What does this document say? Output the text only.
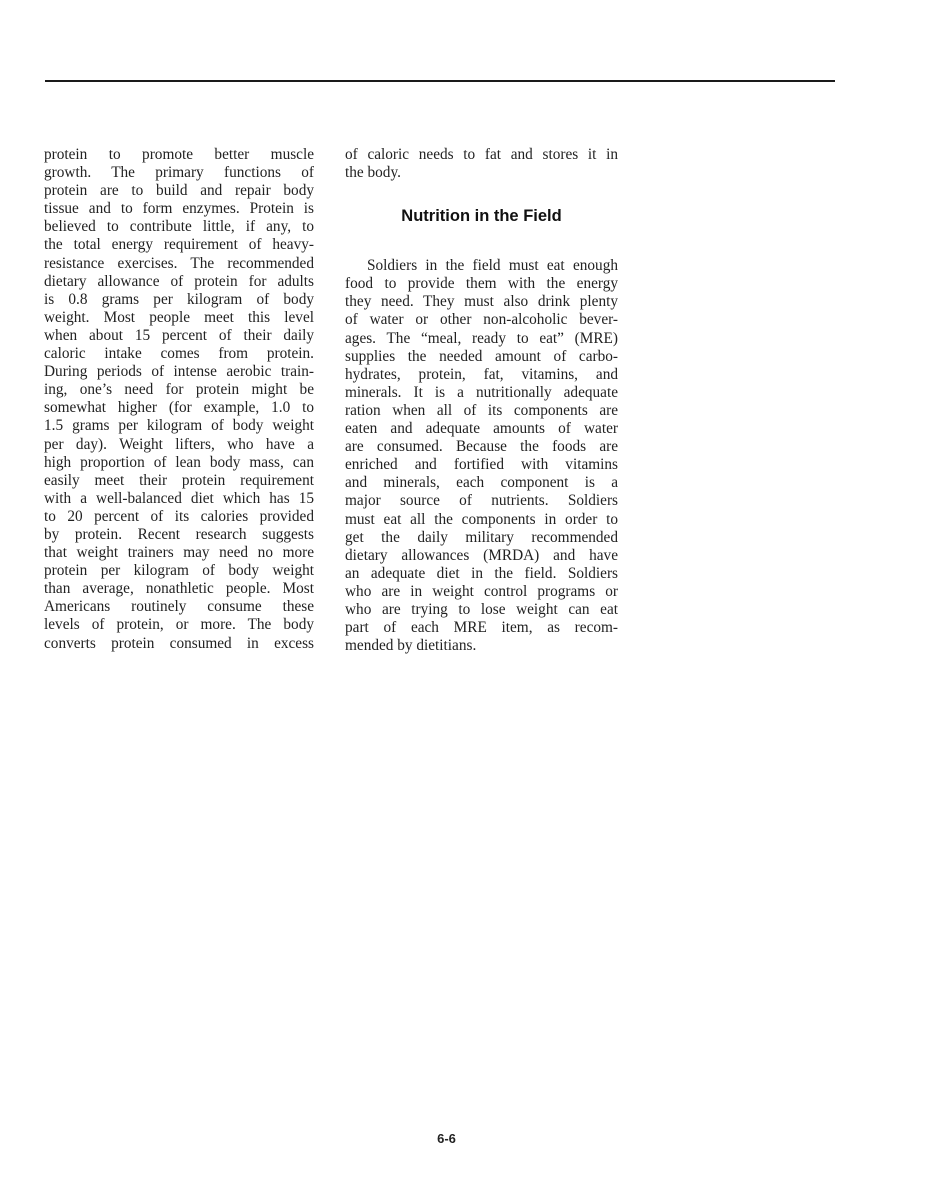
protein to promote better muscle
growth. The primary functions of
protein are to build and repair body
tissue and to form enzymes. Protein is
believed to contribute little, if any, to
the total energy requirement of heavy-
resistance exercises. The recommended
dietary allowance of protein for adults
is 0.8 grams per kilogram of body
weight. Most people meet this level
when about 15 percent of their daily
caloric intake comes from protein.
During periods of intense aerobic train-
ing, one’s need for protein might be
somewhat higher (for example, 1.0 to
1.5 grams per kilogram of body weight
per day). Weight lifters, who have a
high proportion of lean body mass, can
easily meet their protein requirement
with a well-balanced diet which has 15
to 20 percent of its calories provided
by protein. Recent research suggests
that weight trainers may need no more
protein per kilogram of body weight
than average, nonathletic people. Most
Americans routinely consume these
levels of protein, or more. The body
converts protein consumed in excess

of caloric needs to fat and stores it in
the body.

Nutrition in the Field

Soldiers in the field must eat enough
food to provide them with the energy
they need. They must also drink plenty
of water or other non-alcoholic bever-
ages. The “meal, ready to eat” (MRE)
supplies the needed amount of carbo-
hydrates, protein, fat, vitamins, and
minerals. It is a nutritionally adequate
ration when all of its components are
eaten and adequate amounts of water
are consumed. Because the foods are
enriched and fortified with vitamins
and minerals, each component is a
major source of nutrients. Soldiers
must eat all the components in order to
get the daily military recommended
dietary allowances (MRDA) and have
an adequate diet in the field. Soldiers
who are in weight control programs or
who are trying to lose weight can eat
part of each MRE item, as recom-
mended by dietitians.

6-6
